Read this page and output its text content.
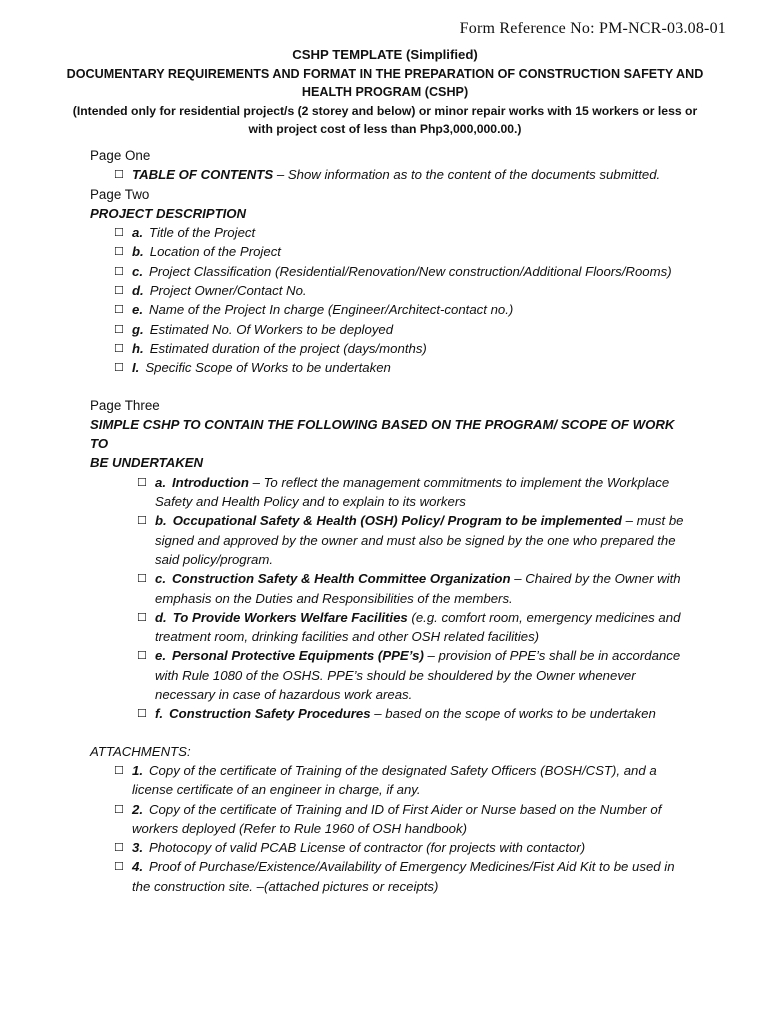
Form Reference No: PM-NCR-03.08-01
CSHP TEMPLATE (Simplified)
DOCUMENTARY REQUIREMENTS AND FORMAT IN THE PREPARATION OF CONSTRUCTION SAFETY AND
HEALTH PROGRAM (CSHP)
(Intended only for residential project/s (2 storey and below) or minor repair works with 15 workers or less or
with project cost of less than Php3,000,000.00.)
Page One
☐ TABLE OF CONTENTS – Show information as to the content of the documents submitted.
Page Two
PROJECT DESCRIPTION
☐ a. Title of the Project
☐ b. Location of the Project
☐ c. Project Classification (Residential/Renovation/New construction/Additional Floors/Rooms)
☐ d. Project Owner/Contact No.
☐ e. Name of the Project In charge (Engineer/Architect-contact no.)
☐ g. Estimated No. Of Workers to be deployed
☐ h. Estimated duration of the project (days/months)
☐ I. Specific Scope of Works to be undertaken
Page Three
SIMPLE CSHP TO CONTAIN THE FOLLOWING BASED ON THE PROGRAM/ SCOPE OF WORK TO
BE UNDERTAKEN
☐ a. Introduction – To reflect the management commitments to implement the Workplace Safety and Health Policy and to explain to its workers
☐ b. Occupational Safety & Health (OSH) Policy/ Program to be implemented – must be signed and approved by the owner and must also be signed by the one who prepared the said policy/program.
☐ c. Construction Safety & Health Committee Organization – Chaired by the Owner with emphasis on the Duties and Responsibilities of the members.
☐ d. To Provide Workers Welfare Facilities (e.g. comfort room, emergency medicines and treatment room, drinking facilities and other OSH related facilities)
☐ e. Personal Protective Equipments (PPE’s) – provision of PPE’s shall be in accordance with Rule 1080 of the OSHS. PPE’s should be shouldered by the Owner whenever necessary in case of hazardous work areas.
☐ f. Construction Safety Procedures – based on the scope of works to be undertaken
ATTACHMENTS:
☐ 1. Copy of the certificate of Training of the designated Safety Officers (BOSH/CST), and a license certificate of an engineer in charge, if any.
☐ 2. Copy of the certificate of Training and ID of First Aider or Nurse based on the Number of workers deployed (Refer to Rule 1960 of OSH handbook)
☐ 3. Photocopy of valid PCAB License of contractor (for projects with contactor)
☐ 4. Proof of Purchase/Existence/Availability of Emergency Medicines/Fist Aid Kit to be used in the construction site. –(attached pictures or receipts)
